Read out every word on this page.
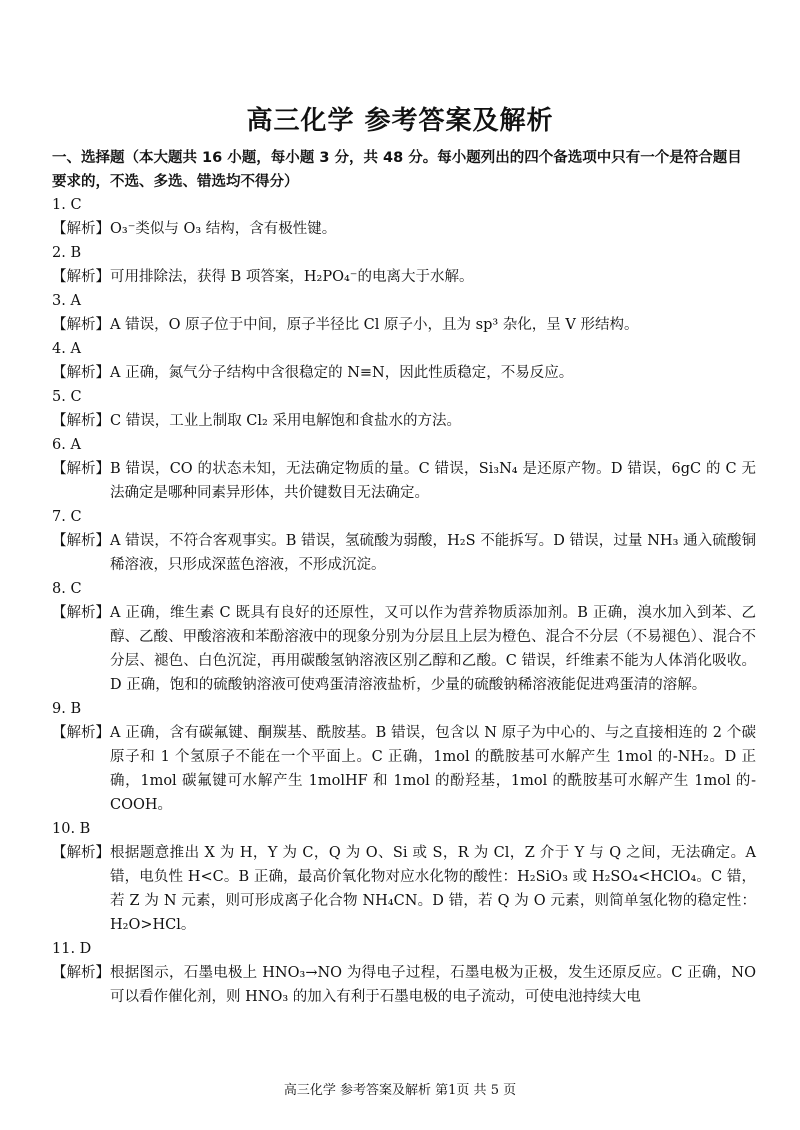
高三化学 参考答案及解析
一、选择题（本大题共 16 小题，每小题 3 分，共 48 分。每小题列出的四个备选项中只有一个是符合题目要求的，不选、多选、错选均不得分）
1. C
【解析】 O₃⁻类似与 O₃ 结构，含有极性键。
2. B
【解析】 可用排除法，获得 B 项答案，H₂PO₄⁻的电离大于水解。
3. A
【解析】 A 错误，O 原子位于中间，原子半径比 Cl 原子小，且为 sp³ 杂化，呈 V 形结构。
4. A
【解析】 A 正确，氮气分子结构中含很稳定的 N≡N，因此性质稳定，不易反应。
5. C
【解析】 C 错误，工业上制取 Cl₂ 采用电解饱和食盐水的方法。
6. A
【解析】 B 错误，CO 的状态未知，无法确定物质的量。C 错误，Si₃N₄ 是还原产物。D 错误，6gC 的 C 无法确定是哪种同素异形体，共价键数目无法确定。
7. C
【解析】 A 错误，不符合客观事实。B 错误，氢硫酸为弱酸，H₂S 不能拆写。D 错误，过量 NH₃ 通入硫酸铜稀溶液，只形成深蓝色溶液，不形成沉淀。
8. C
【解析】 A 正确，维生素 C 既具有良好的还原性，又可以作为营养物质添加剂。B 正确，溴水加入到苯、乙醇、乙酸、甲酸溶液和苯酚溶液中的现象分别为分层且上层为橙色、混合不分层（不易褪色）、混合不分层、褪色、白色沉淀，再用碳酸氢钠溶液区别乙醇和乙酸。C 错误，纤维素不能为人体消化吸收。D 正确，饱和的硫酸钠溶液可使鸡蛋清溶液盐析，少量的硫酸钠稀溶液能促进鸡蛋清的溶解。
9. B
【解析】 A 正确，含有碳氟键、酮羰基、酰胺基。B 错误，包含以 N 原子为中心的、与之直接相连的 2 个碳原子和 1 个氢原子不能在一个平面上。C 正确，1mol 的酰胺基可水解产生 1mol 的-NH₂。D 正确，1mol 碳氟键可水解产生 1molHF 和 1mol 的酚羟基，1mol 的酰胺基可水解产生 1mol 的-COOH。
10. B
【解析】 根据题意推出 X 为 H，Y 为 C，Q 为 O、Si 或 S，R 为 Cl，Z 介于 Y 与 Q 之间，无法确定。A 错，电负性 H<C。B 正确，最高价氧化物对应水化物的酸性：H₂SiO₃ 或 H₂SO₄<HClO₄。C 错，若 Z 为 N 元素，则可形成离子化合物 NH₄CN。D 错，若 Q 为 O 元素，则简单氢化物的稳定性：H₂O>HCl。
11. D
【解析】 根据图示，石墨电极上 HNO₃→NO 为得电子过程，石墨电极为正极，发生还原反应。C 正确，NO 可以看作催化剂，则 HNO₃ 的加入有利于石墨电极的电子流动，可使电池持续大电
高三化学 参考答案及解析 第1页 共 5 页
